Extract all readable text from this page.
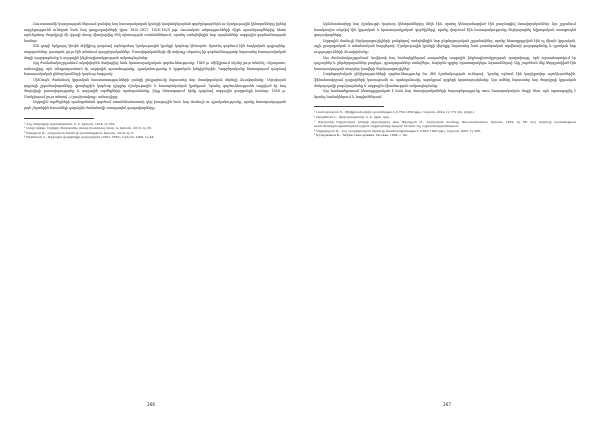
Ռուսաստանի կայսրության ներսում գտնվող հայ հասարակական կյանքի կազմակերպման գործընթացներն ու մշակութային կենտրոնները իրենց ազդեցությունն ունեցան նաև հայ գաղթօջախների վրա։ 1825–1827, 1828–1829 թթ. Ռուսական տերությունների միջև պատերազմներից հետո արևելահայ ժողովրդի մի զգալի մասը միավորվեց մեկ պետության սահմաններում, որտեղ ստեղծվեցին նոր պայմաններ ազգային գործունեության համար։

XIX դարի երկրորդ կեսին Թիֆլիսը դարձավ արևելահայ մշակութային կյանքի կարևոր կենտրոն։ Այստեղ գործում էին հայկական դպրոցներ, տպարաններ, թատրոն, լույս էին տեսնում պարբերականներ։ Մտավորականների մի ամբողջ սերունդ իր գործունեությամբ նպաստեց հասարակական մտքի զարգացմանը և ազգային ինքնագիտակցության ամրապնդմանը։

Այդ ժամանակաշրջանում ակտիվորեն ծավալվեց նաև հրատարակչական գործունեությունը։ 1849 թ. Թիֆլիսում սկսեց լույս տեսնել «Արարատ» ամսագիրը, որն անդրադառնում էր ազգային պատմությանը, գրականությանը և կրթական խնդիրներին։ Պարբերականը հետագայում դարձավ հասարակական քննարկումների կարևոր հարթակ։

Միևնույն ժամանակ կրթական հաստատությունների ցանցի ընդլայնումը նպաստեց նոր մտավորական սերնդի ձևավորմանը։ Ներսիսյան դպրոցի շրջանավարտները զբաղեցրին կարևոր դիրքեր մշակութային և հասարակական կյանքում։ Նրանց գործունեությունն ուղղված էր հայ ժողովրդի լուսավորությանը և ազգային արժեքների պահպանմանը, ինչը հետագայում հիմք դարձավ ազգային զարթոնքի համար։ 1858 թ. Մոսկվայում լույս տեսավ «Հյուսիսափայլ» ամսագիրը։

Ազգային արժեքների պահպանման գործում առանձնահատուկ դեր խաղացին նաև հայ մամուլն ու գրականությունը, որոնք հասարակության լայն շերտերին հասանելի դարձրին ժամանակի առաջադեմ գաղափարները։

¹ Հայ ժողովրդի պատմություն, h. 5, Երևան, 1974, էջ 332։

² Լեոյի երկեր, Երկերի ժողովածու տասը հատորով, հատ. 4, Երևան, 2013, էջ 26։

³ Ավագյան Ա., Հայկական մամուլի պատմություն, Երևան, 2014, էջ 3։

⁴ Սիմոնյան Հ., Ազգային զարթոնքի դարաշրջան (1802–1850), Երևան, 2006, էջ 44։

266

Արևմտահայերը հայ մշակույթի կարևոր կենտրոններից մեկն էին, որտեղ կենտրոնացված էին բազմաթիվ մտավորականներ։ Այս շրջանում հատկապես ակտիվ էին կրթական և հրատարակչական գործիչները, որոնք փորձում էին հասարակությանը ներկայացնել եվրոպական առաջադեմ գաղափարները։

Ազգային մամուլի ներկայացուցիչների ջանքերով ստեղծվեցին նոր ընթերցողական շրջանակներ, որոնք հետաքրքրված էին ոչ միայն կրթական, այլև քաղաքական և տնտեսական հարցերով։ Մշակութային կյանքի վերելքը նպաստեց նաև թատերական արվեստի զարգացմանը և գրական նոր ուղղությունների ձևավորմանը։

Այս ժամանակաշրջանում Կովկասի հայ համայնքներում տարածվեց ազգային ինքնագիտակցության գաղափարը, որն արտահայտվում էր դպրոցներ և ընթերցարաններ բացելու, գրադարաններ ստեղծելու, հայերեն գրքեր հրատարակելու ձգտումներով։ Այդ շարժման մեջ ներգրավված էին հասարակության տարբեր խավերի ներկայացուցիչներ։

Բարեգործական ընկերությունների գործունեությունը ևս մեծ նշանակություն ունեցավ։ Դրանք օգնում էին կարիքավոր աշակերտներին, ֆինանսավորում դպրոցների կառուցումն ու պահպանումը, աջակցում գրքերի հրատարակմանը։ Այս ամենը նպաստեց հայ ժողովրդի կրթական մակարդակի բարձրացմանը և ազգային միասնության ամրապնդմանը։

Այս համատեքստում հետաքրքրական է նաև հայ մտավորականների հարաբերությունը ռուս հասարակական մտքի հետ, որն արտացոլվել է նրանց նամակներում և հոդվածներում։

⁵ Լեռնաջանյան Ս., Թիֆլիսահայերի պատմություն (1750–1860 թթ.), Երևան, 2014, էջ 172 (նկ. ընդհ.)։

⁶ Որդինեան Լ., Արդարությունը, h. 4, արխ. ղեկ.։

⁷ Միաբանի Եղիշեական խնդրի վերաբերյալ տես Ավագյան Ա., Հայկական մամուլը Ռուսաստանում, Երևան, 2019, էջ 58։ Հայ մամուլի պատմության ուսումնասիրություններում նշված աղբյուրները տրված են նաև այլ աշխատություններում։

⁸ Միքայելյան Ա., Հայ պարբերական մամուլի մատենագիտություն (1839–1995 թթ.), Երևան, 2005, էջ 286։

⁹ Кулиджанов К., Тифлисские армяне, Москва, 1984, с. 84.

267
